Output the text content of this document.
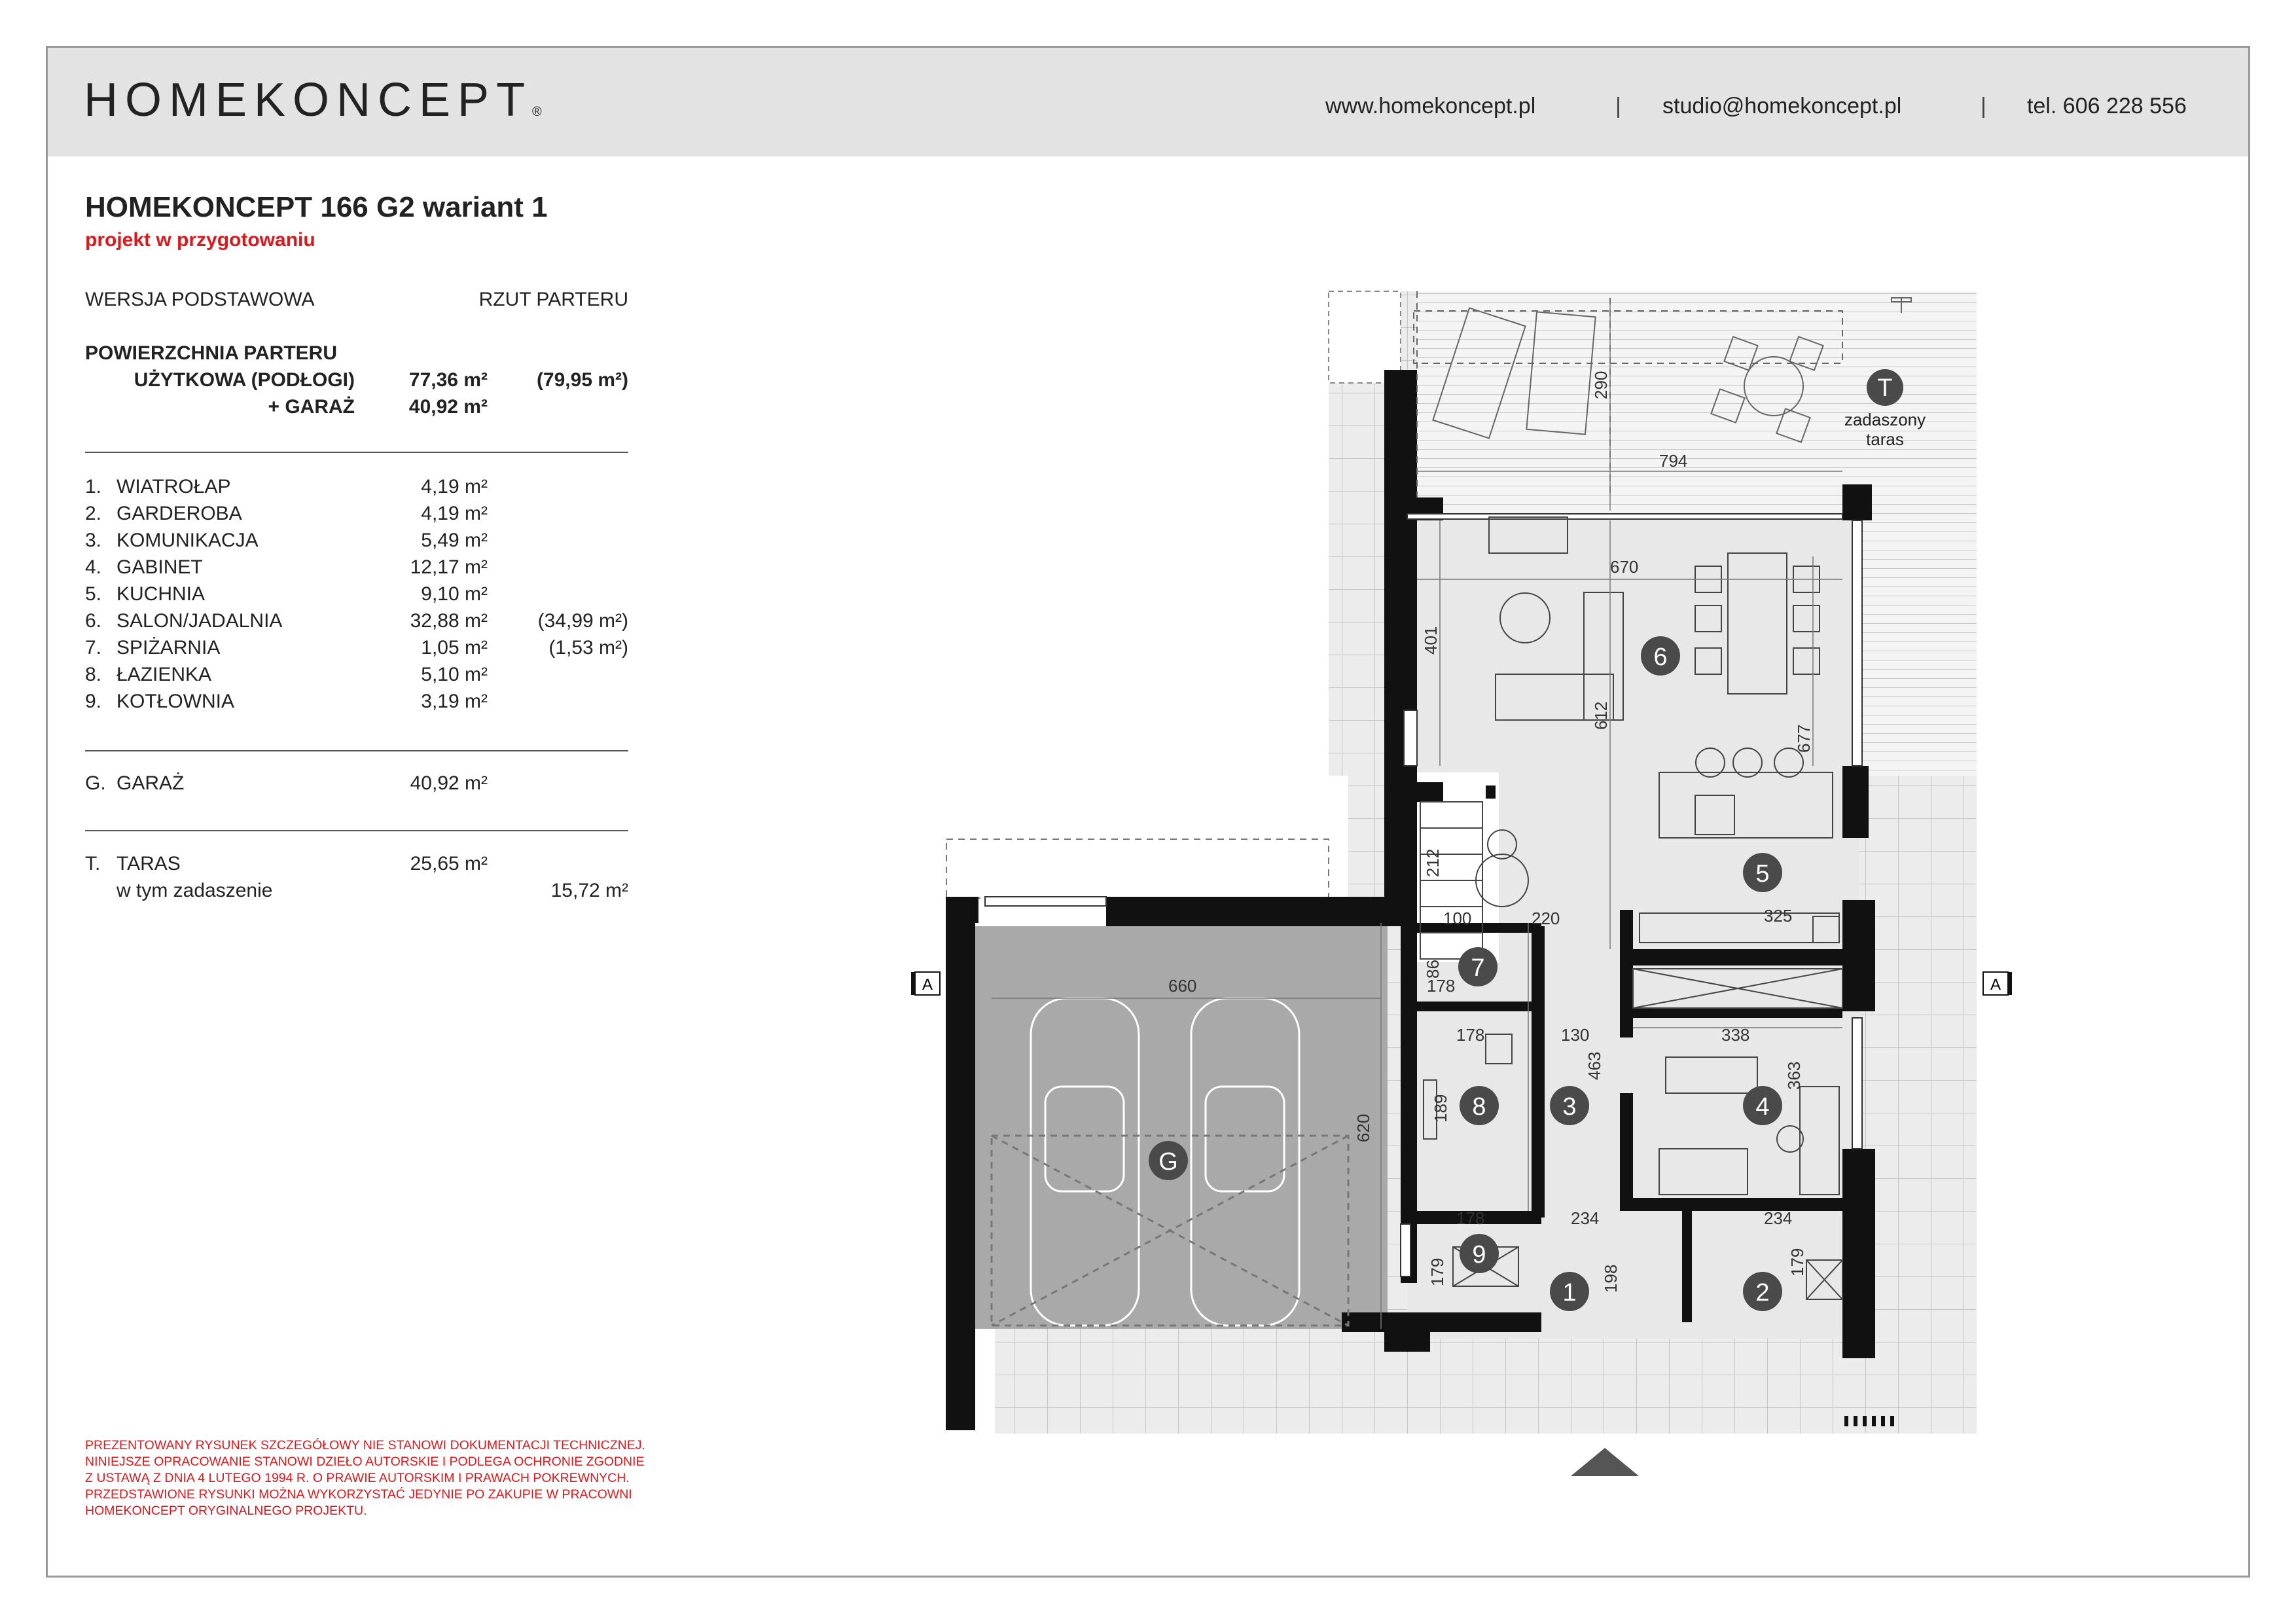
HOMEKONCEPT®	www.homekoncept.pl	| studio@homekoncept.pl	| tel. 606 228 556
HOMEKONCEPT 166 G2 wariant 1
projekt w przygotowaniu
WERSJA PODSTAWOWA	RZUT PARTERU
POWIERZCHNIA PARTERU
UŻYTKOWA (PODŁOGI)	77,36 m²	(79,95 m²)
+ GARAŻ	40,92 m²
1. WIATROŁAP	4,19 m²
2. GARDEROBA	4,19 m²
3. KOMUNIKACJA	5,49 m²
4. GABINET	12,17 m²
5. KUCHNIA	9,10 m²
6. SALON/JADALNIA	32,88 m²	(34,99 m²)
7. SPIŻARNIA	1,05 m²	(1,53 m²)
8. ŁAZIENKA	5,10 m²
9. KOTŁOWNIA	3,19 m²
G. GARAŻ	40,92 m²
T. TARAS	25,65 m²
w tym zadaszenie	15,72 m²
PREZENTOWANY RYSUNEK SZCZEGÓŁOWY NIE STANOWI DOKUMENTACJI TECHNICZNEJ. NINIEJSZE OPRACOWANIE STANOWI DZIEŁO AUTORSKIE I PODLEGA OCHRONIE ZGODNIE Z USTAWĄ Z DNIA 4 LUTEGO 1994 R. O PRAWIE AUTORSKIM I PRAWACH POKREWNYCH. PRZEDSTAWIONE RYSUNKI MOŻNA WYKORZYSTAĆ JEDYNIE PO ZAKUPIE W PRACOWNI HOMEKONCEPT ORYGINALNEGO PROJEKTU.
290
794
670
401
612
677
212
100	220	325
660
86
178
178	130	338
463	363
620
189
178	234	234
198
179	179
T
zadaszony
taras
6
5
7
8	3	4
9
1	2
G
A	A
